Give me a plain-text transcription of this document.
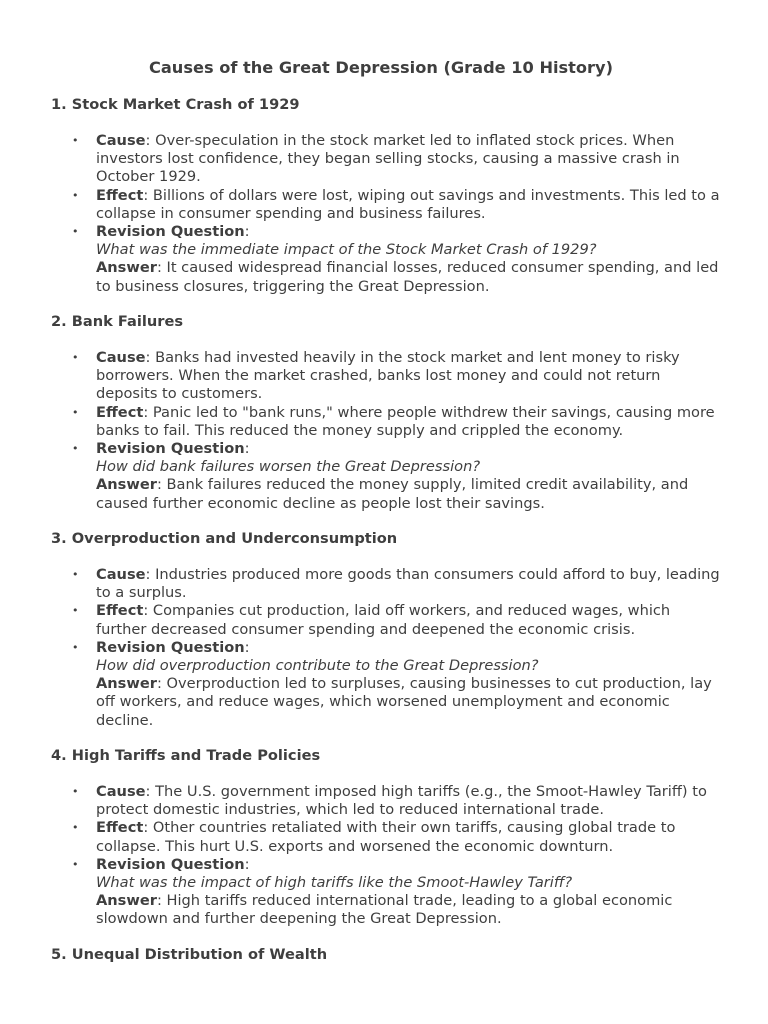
Causes of the Great Depression (Grade 10 History)
1. Stock Market Crash of 1929
• Cause: Over-speculation in the stock market led to inflated stock prices. When investors lost confidence, they began selling stocks, causing a massive crash in October 1929.
• Effect: Billions of dollars were lost, wiping out savings and investments. This led to a collapse in consumer spending and business failures.
• Revision Question:
What was the immediate impact of the Stock Market Crash of 1929?
Answer: It caused widespread financial losses, reduced consumer spending, and led to business closures, triggering the Great Depression.
2. Bank Failures
• Cause: Banks had invested heavily in the stock market and lent money to risky borrowers. When the market crashed, banks lost money and could not return deposits to customers.
• Effect: Panic led to "bank runs," where people withdrew their savings, causing more banks to fail. This reduced the money supply and crippled the economy.
• Revision Question:
How did bank failures worsen the Great Depression?
Answer: Bank failures reduced the money supply, limited credit availability, and caused further economic decline as people lost their savings.
3. Overproduction and Underconsumption
• Cause: Industries produced more goods than consumers could afford to buy, leading to a surplus.
• Effect: Companies cut production, laid off workers, and reduced wages, which further decreased consumer spending and deepened the economic crisis.
• Revision Question:
How did overproduction contribute to the Great Depression?
Answer: Overproduction led to surpluses, causing businesses to cut production, lay off workers, and reduce wages, which worsened unemployment and economic decline.
4. High Tariffs and Trade Policies
• Cause: The U.S. government imposed high tariffs (e.g., the Smoot-Hawley Tariff) to protect domestic industries, which led to reduced international trade.
• Effect: Other countries retaliated with their own tariffs, causing global trade to collapse. This hurt U.S. exports and worsened the economic downturn.
• Revision Question:
What was the impact of high tariffs like the Smoot-Hawley Tariff?
Answer: High tariffs reduced international trade, leading to a global economic slowdown and further deepening the Great Depression.
5. Unequal Distribution of Wealth
